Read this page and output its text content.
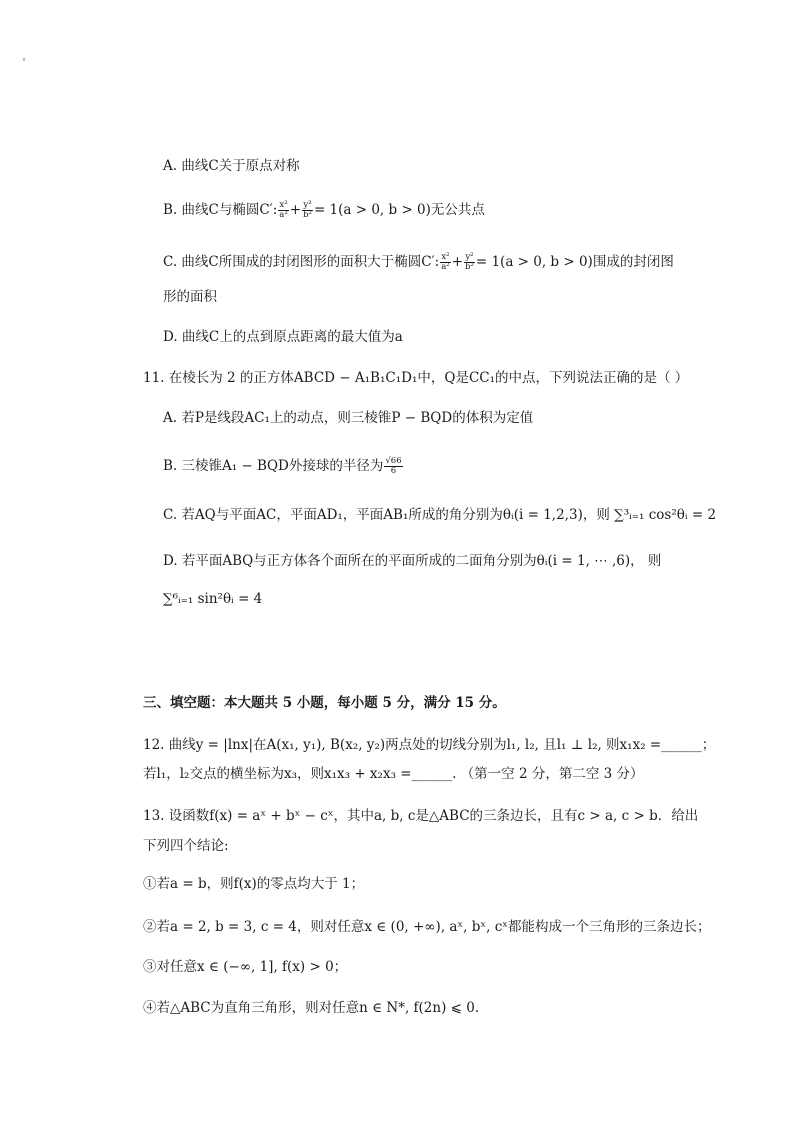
A. 曲线C关于原点对称
B. 曲线C与椭圆C′: $\frac{\text{x²}}{\text{a²}} + \frac{\text{y²}}{\text{b²}} = 1(a > 0$, b > 0)无公共点
C. 曲线C所围成的封闭图形的面积大于椭圆C′: $\frac{\text{x²}}{\text{a²}} + \frac{\text{y²}}{\text{b²}} = 1(a > 0$, b > 0)围成的封闭图
形的面积
D. 曲线C上的点到原点距离的最大值为a
11. 在棱长为 2 的正方体ABCD − A₁B₁C₁D₁中，Q是CC₁的中点，下列说法正确的是（ ）
A. 若P是线段AC₁上的动点，则三棱锥P − BQD的体积为定值
B. 三棱锥A₁ − BQD外接球的半径为 $\frac{√66}{6}$
C. 若AQ与平面AC，平面AD₁，平面AB₁所成的角分别为θᵢ(i = 1,2,3)，则 ∑³ᵢ₌₁ cos²θᵢ = 2
D. 若平面ABQ与正方体各个面所在的平面所成的二面角分别为θᵢ(i = 1, ⋯ ,6)， 则
∑⁶ᵢ₌₁ sin²θᵢ = 4
三、填空题：本大题共 5 小题，每小题 5 分，满分 15 分。
12. 曲线y = |lnx|在A(x₁, y₁), B(x₂, y₂)两点处的切线分别为l₁, l₂, 且l₁ ⊥ l₂, 则x₁x₂ =______；
若l₁，l₂交点的横坐标为x₃，则x₁x₃ + x₂x₃ =______. （第一空 2 分，第二空 3 分）
13. 设函数f(x) = aˣ + bˣ − cˣ，其中a, b, c是△ABC的三条边长，且有c > a, c > b．给出
下列四个结论:
①若a = b，则f(x)的零点均大于 1；
②若a = 2, b = 3, c = 4，则对任意x ∈ (0, +∞), aˣ, bˣ, cˣ都能构成一个三角形的三条边长；
③对任意x ∈ (−∞, 1], f(x) > 0；
④若△ABC为直角三角形，则对任意n ∈ N*, f(2n) ⩽ 0.
